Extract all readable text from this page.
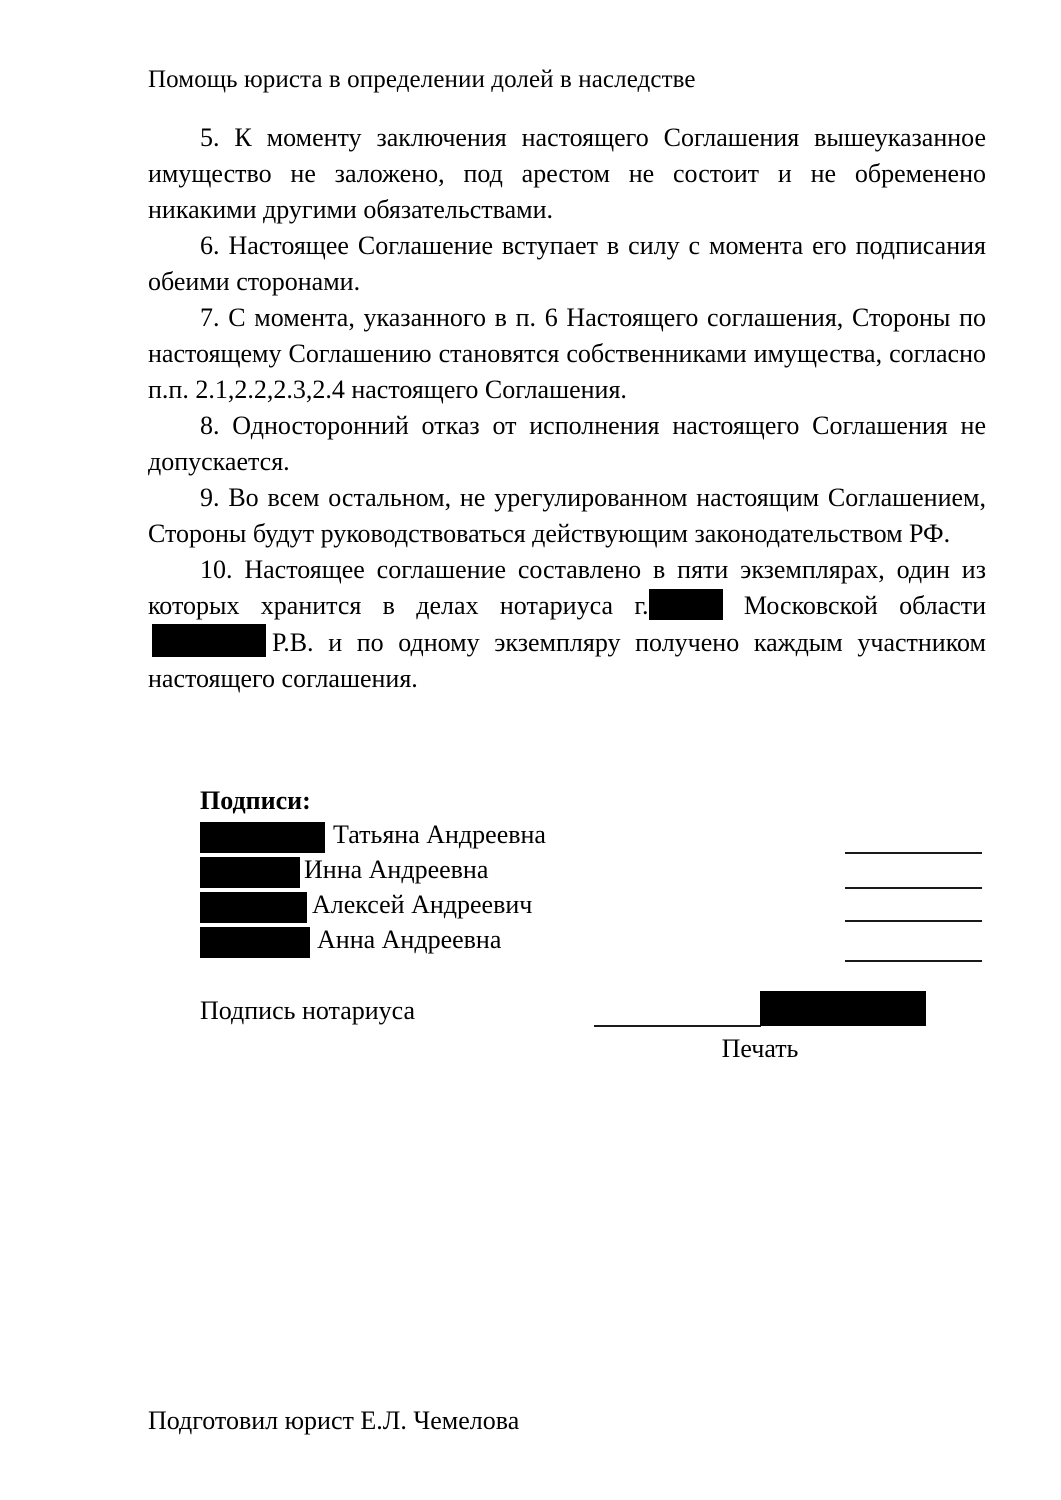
Помощь юриста в определении долей в наследстве

5. К моменту заключения настоящего Соглашения вышеуказанное имущество не заложено, под арестом не состоит и не обременено никакими другими обязательствами.

6. Настоящее Соглашение вступает в силу с момента его подписания обеими сторонами.

7. С момента, указанного в п. 6 Настоящего соглашения, Стороны по настоящему Соглашению становятся собственниками имущества, согласно п.п. 2.1,2.2,2.3,2.4 настоящего Соглашения.

8. Односторонний отказ от исполнения настоящего Соглашения не допускается.

9. Во всем остальном, не урегулированном настоящим Соглашением, Стороны будут руководствоваться действующим законодательством РФ.

10. Настоящее соглашение составлено в пяти экземплярах, один из которых хранится в делах нотариуса г.	Московской областиР.В. и по одному экземпляру получено каждым участником настоящего соглашения.

Подписи:
Татьяна Андреевна
Инна Андреевна
Алексей Андреевич
Анна Андреевна
Подпись нотариуса
Печать
Подготовил юрист Е.Л. Чемелова
